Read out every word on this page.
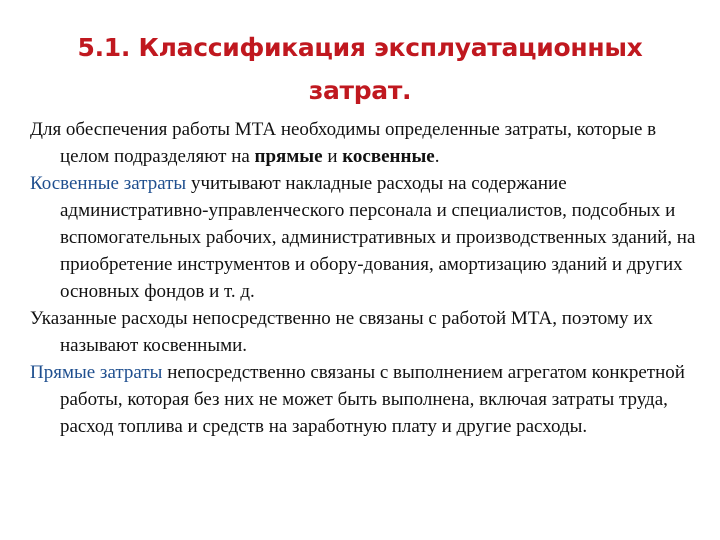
5.1. Классификация эксплуатационных
затрат.

Для обеспечения работы МТА необходимы определенные затраты, которые в целом подразделяют на прямые и косвенные.

Косвенные затраты учитывают накладные расходы на содержание административно-управленческого персонала и специалистов, подсобных и вспомогательных рабочих, административных и производственных зданий, на приобретение инструментов и обору-дования, амортизацию зданий и других основных фондов и т. д.

Указанные расходы непосредственно не связаны с работой МТА, поэтому их называют косвенными.

Прямые затраты непосредственно связаны с выполнением агрегатом конкретной работы, которая без них не может быть выполнена, включая затраты труда, расход топлива и средств на заработную плату и другие расходы.
